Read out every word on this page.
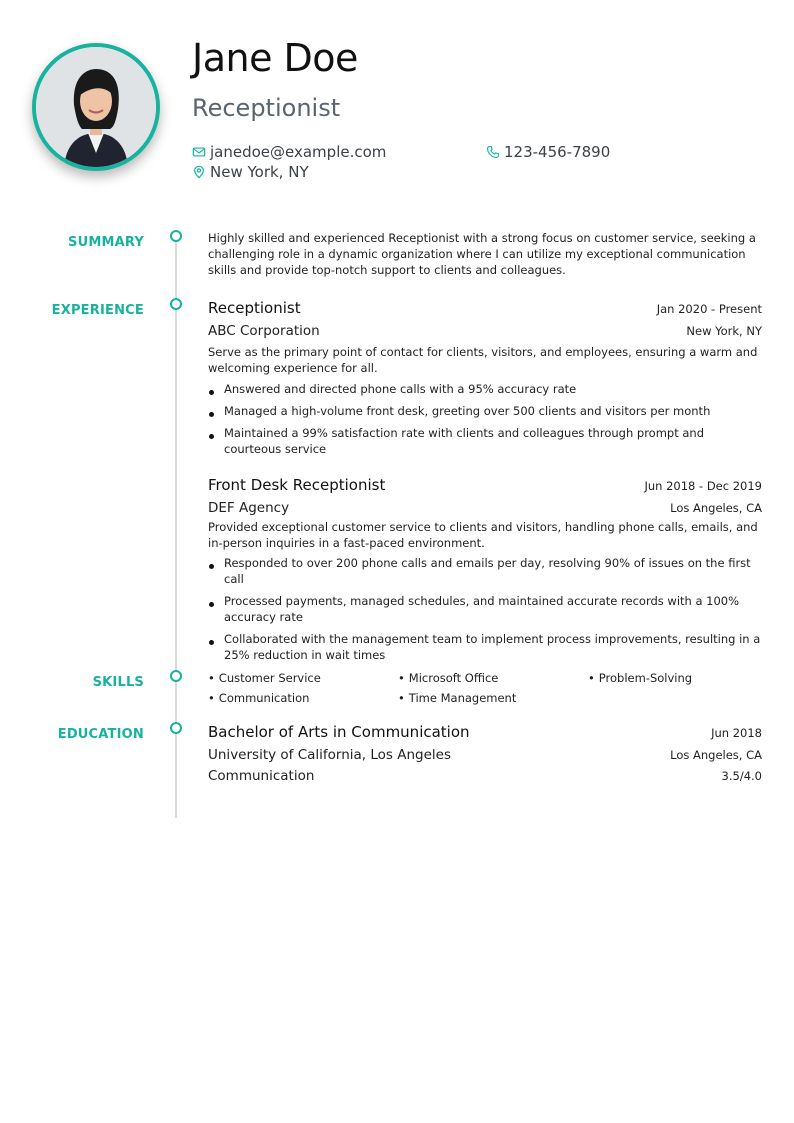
Jane Doe
Receptionist
janedoe@example.com	123-456-7890
New York, NY
SUMMARY
EXPERIENCE
SKILLS
EDUCATION
Highly skilled and experienced Receptionist with a strong focus on customer service, seeking a challenging role in a dynamic organization where I can utilize my exceptional communication skills and provide top-notch support to clients and colleagues.
Receptionist	Jan 2020 - Present
ABC Corporation	New York, NY
Serve as the primary point of contact for clients, visitors, and employees, ensuring a warm and welcoming experience for all.
Answered and directed phone calls with a 95% accuracy rate
Managed a high-volume front desk, greeting over 500 clients and visitors per month
Maintained a 99% satisfaction rate with clients and colleagues through prompt and courteous service
Front Desk Receptionist	Jun 2018 - Dec 2019
DEF Agency	Los Angeles, CA
Provided exceptional customer service to clients and visitors, handling phone calls, emails, and in-person inquiries in a fast-paced environment.
Responded to over 200 phone calls and emails per day, resolving 90% of issues on the first call
Processed payments, managed schedules, and maintained accurate records with a 100% accuracy rate
Collaborated with the management team to implement process improvements, resulting in a 25% reduction in wait times
• Customer Service	• Microsoft Office	• Problem-Solving
• Communication	• Time Management
Bachelor of Arts in Communication	Jun 2018
University of California, Los Angeles	Los Angeles, CA
Communication	3.5/4.0
